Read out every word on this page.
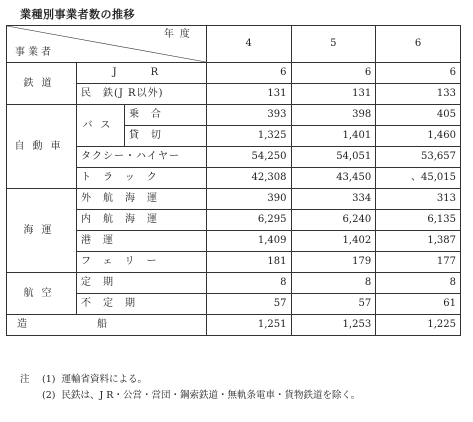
業種別事業者数の推移
年度
事業者			4	5	6
鉄道	J　R		6	6	6
	民　鉄(J R以外)		131	131	133
自動車	バス	乗合	393	398	405
		貸切	1,325	1,401	1,460
	タクシー・ハイヤー		54,250	54,051	53,657
	トラック		42,308	43,450	、45,015
海運	外航海運		390	334	313
	内航海運		6,295	6,240	6,135

	港運		1,409	1,402	1,387
	フェリー		181	179	177
航空	定期		8	8	8
	不定期		57	57	61
造船			1,251	1,253	1,225
注	(1) 運輸省資料による。
(2) 民鉄は、J R・公営・営団・鋼索鉄道・無軌条電車・貨物鉄道を除く。
